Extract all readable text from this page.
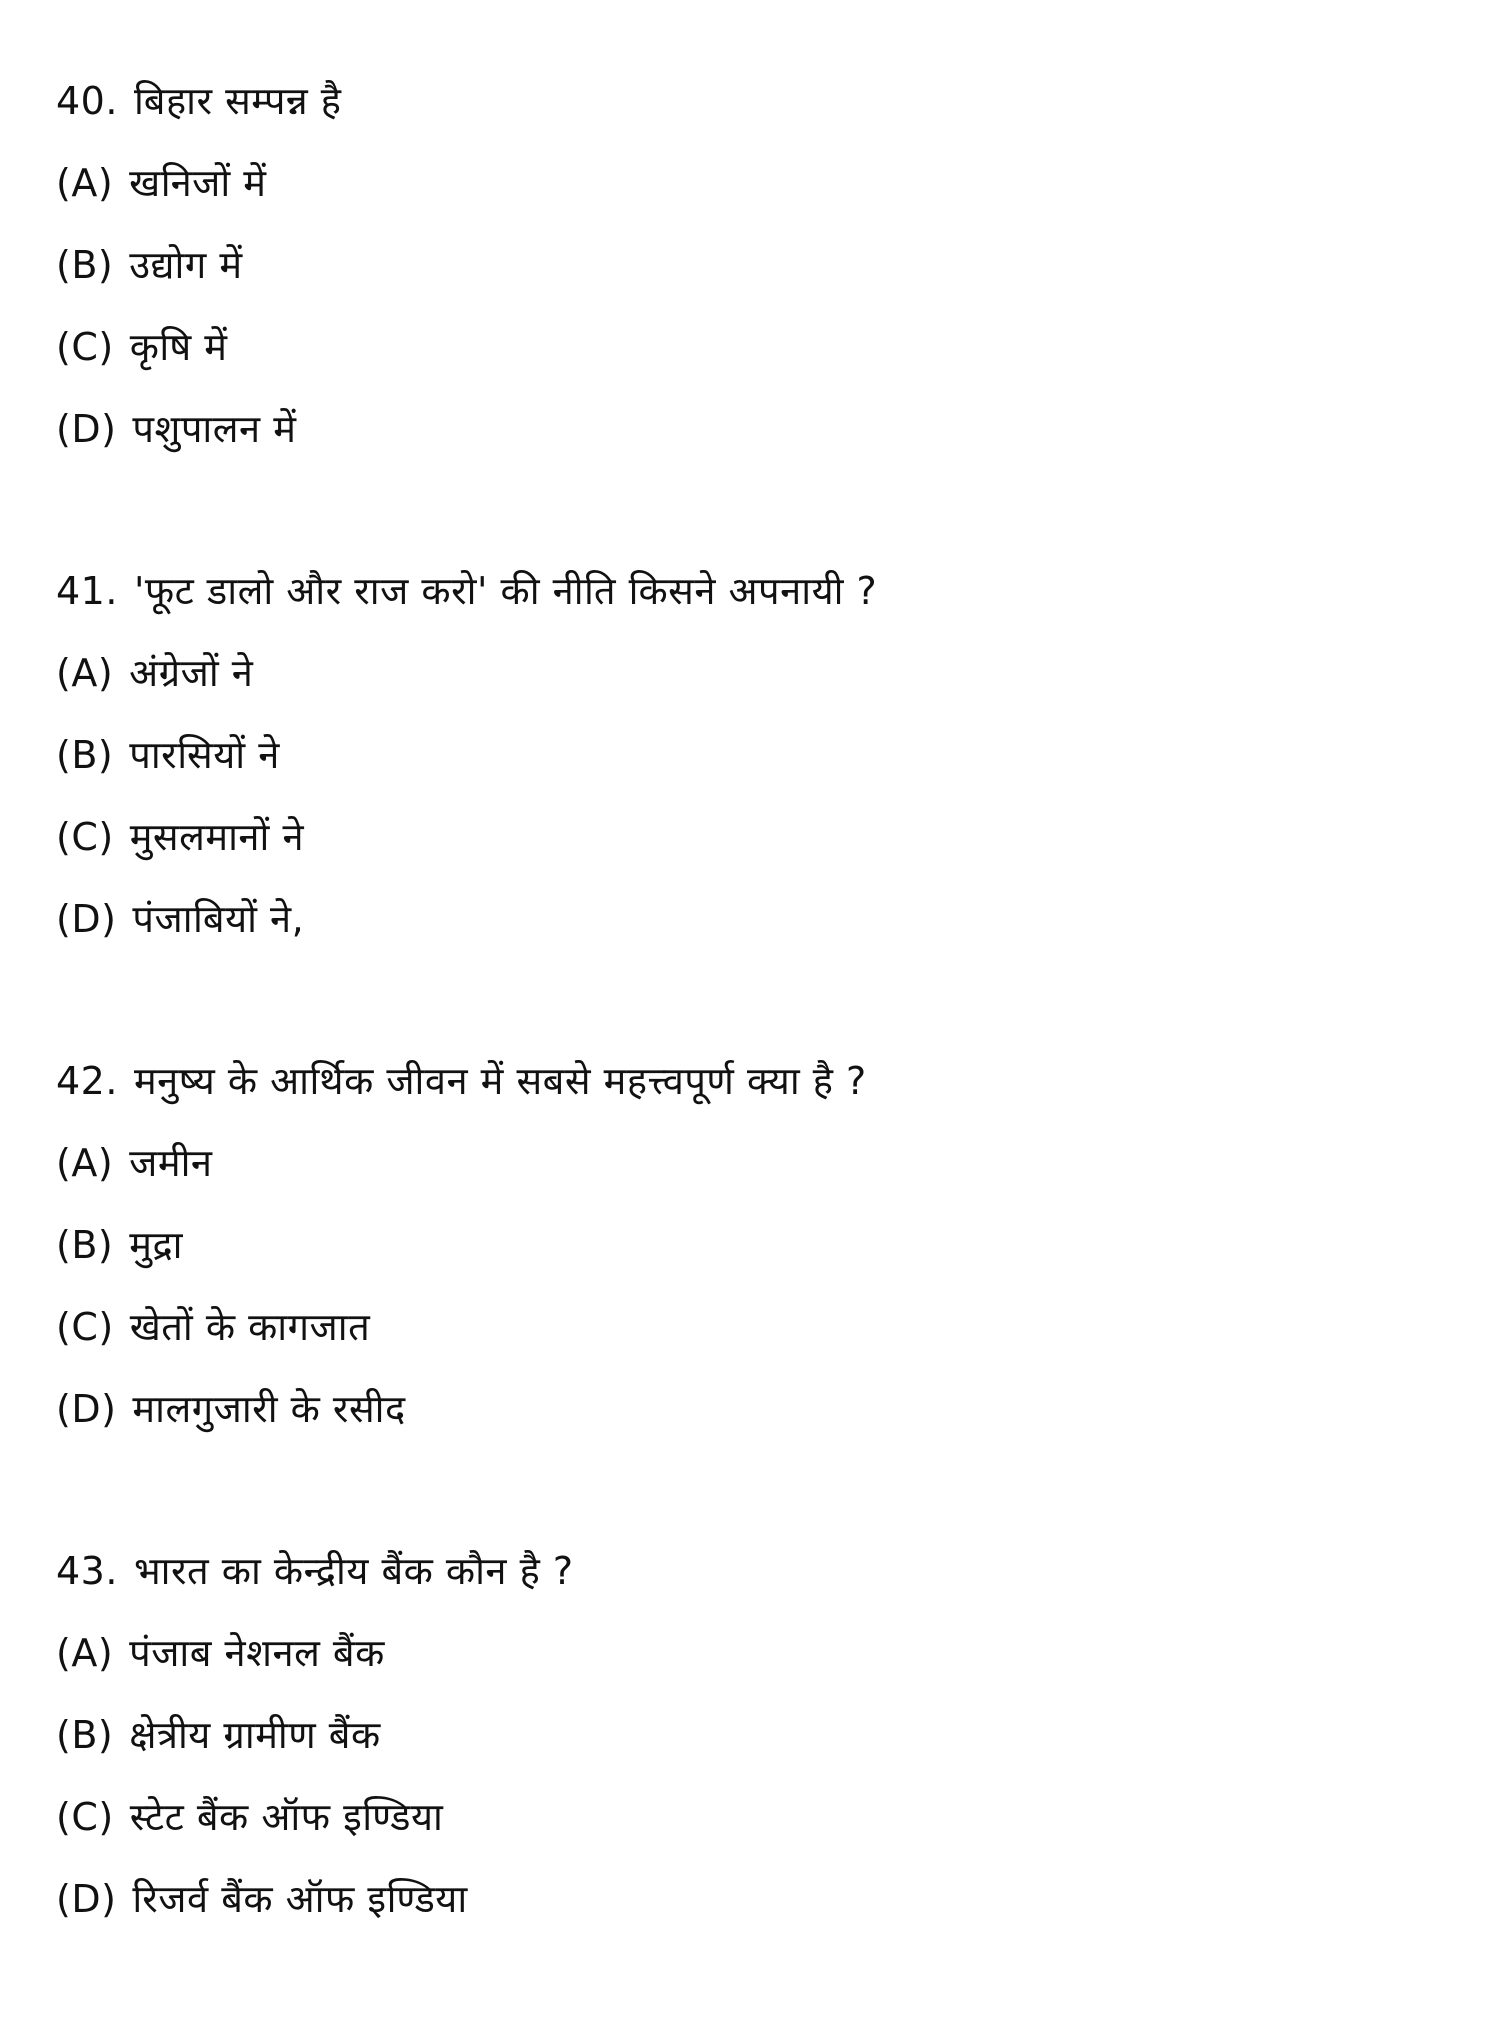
40. बिहार सम्पन्न है
(A) खनिजों में
(B) उद्योग में
(C) कृषि में
(D) पशुपालन में
41. 'फूट डालो और राज करो' की नीति किसने अपनायी ?
(A) अंग्रेजों ने
(B) पारसियों ने
(C) मुसलमानों ने
(D) पंजाबियों ने,
42. मनुष्य के आर्थिक जीवन में सबसे महत्त्वपूर्ण क्या है ?
(A) जमीन
(B) मुद्रा
(C) खेतों के कागजात
(D) मालगुजारी के रसीद
43. भारत का केन्द्रीय बैंक कौन है ?
(A) पंजाब नेशनल बैंक
(B) क्षेत्रीय ग्रामीण बैंक
(C) स्टेट बैंक ऑफ इण्डिया
(D) रिजर्व बैंक ऑफ इण्डिया
